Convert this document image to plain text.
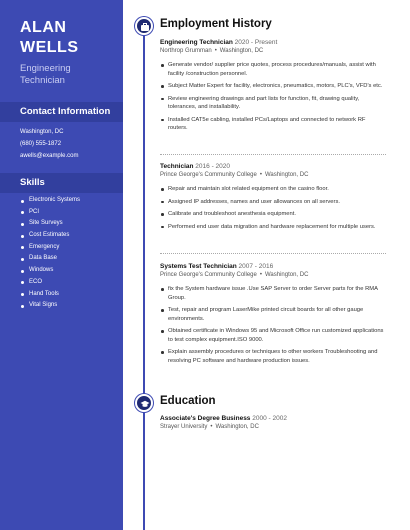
ALAN
WELLS
Engineering
Technician
Contact Information
Washington, DC
(680) 555-1872
awells@example.com
Skills
Electronic Systems
PCI
Site Surveys
Cost Estimates
Emergency
Data Base
Windows
ECO
Hand Tools
Vital Signs
Employment History
Engineering Technician 2020 - Present
Northrop Grumman • Washington, DC
Generate vendor/ supplier price quotes, process procedures/manuals, assist with facility /construction personnel.
Subject Matter Expert for facility, electronics, pneumatics, motors, PLC's, VFD's etc.
Review engineering drawings and part lists for function, fit, drawing quality, tolerances, and installability.
Installed CAT5e cabling, installed PCs/Laptops and connected to network RF routers.
Technician 2016 - 2020
Prince George's Community College • Washington, DC
Repair and maintain slot related equipment on the casino floor.
Assigned IP addresses, names and user allowances on all servers.
Calibrate and troubleshoot anesthesia equipment.
Performed end user data migration and hardware replacement for multiple users.
Systems Test Technician 2007 - 2016
Prince George's Community College • Washington, DC
fix the System hardware issue .Use SAP Server to order Server parts for the RMA Group.
Test, repair and program LaserMike printed circuit boards for all other gauge environments.
Obtained certificate in Windows 95 and Microsoft Office run customized applications to test complex equipment.ISO 9000.
Explain assembly procedures or techniques to other workers Troubleshooting and resolving PC software and hardware production issues.
Education
Associate's Degree Business 2000 - 2002
Strayer University • Washington, DC
